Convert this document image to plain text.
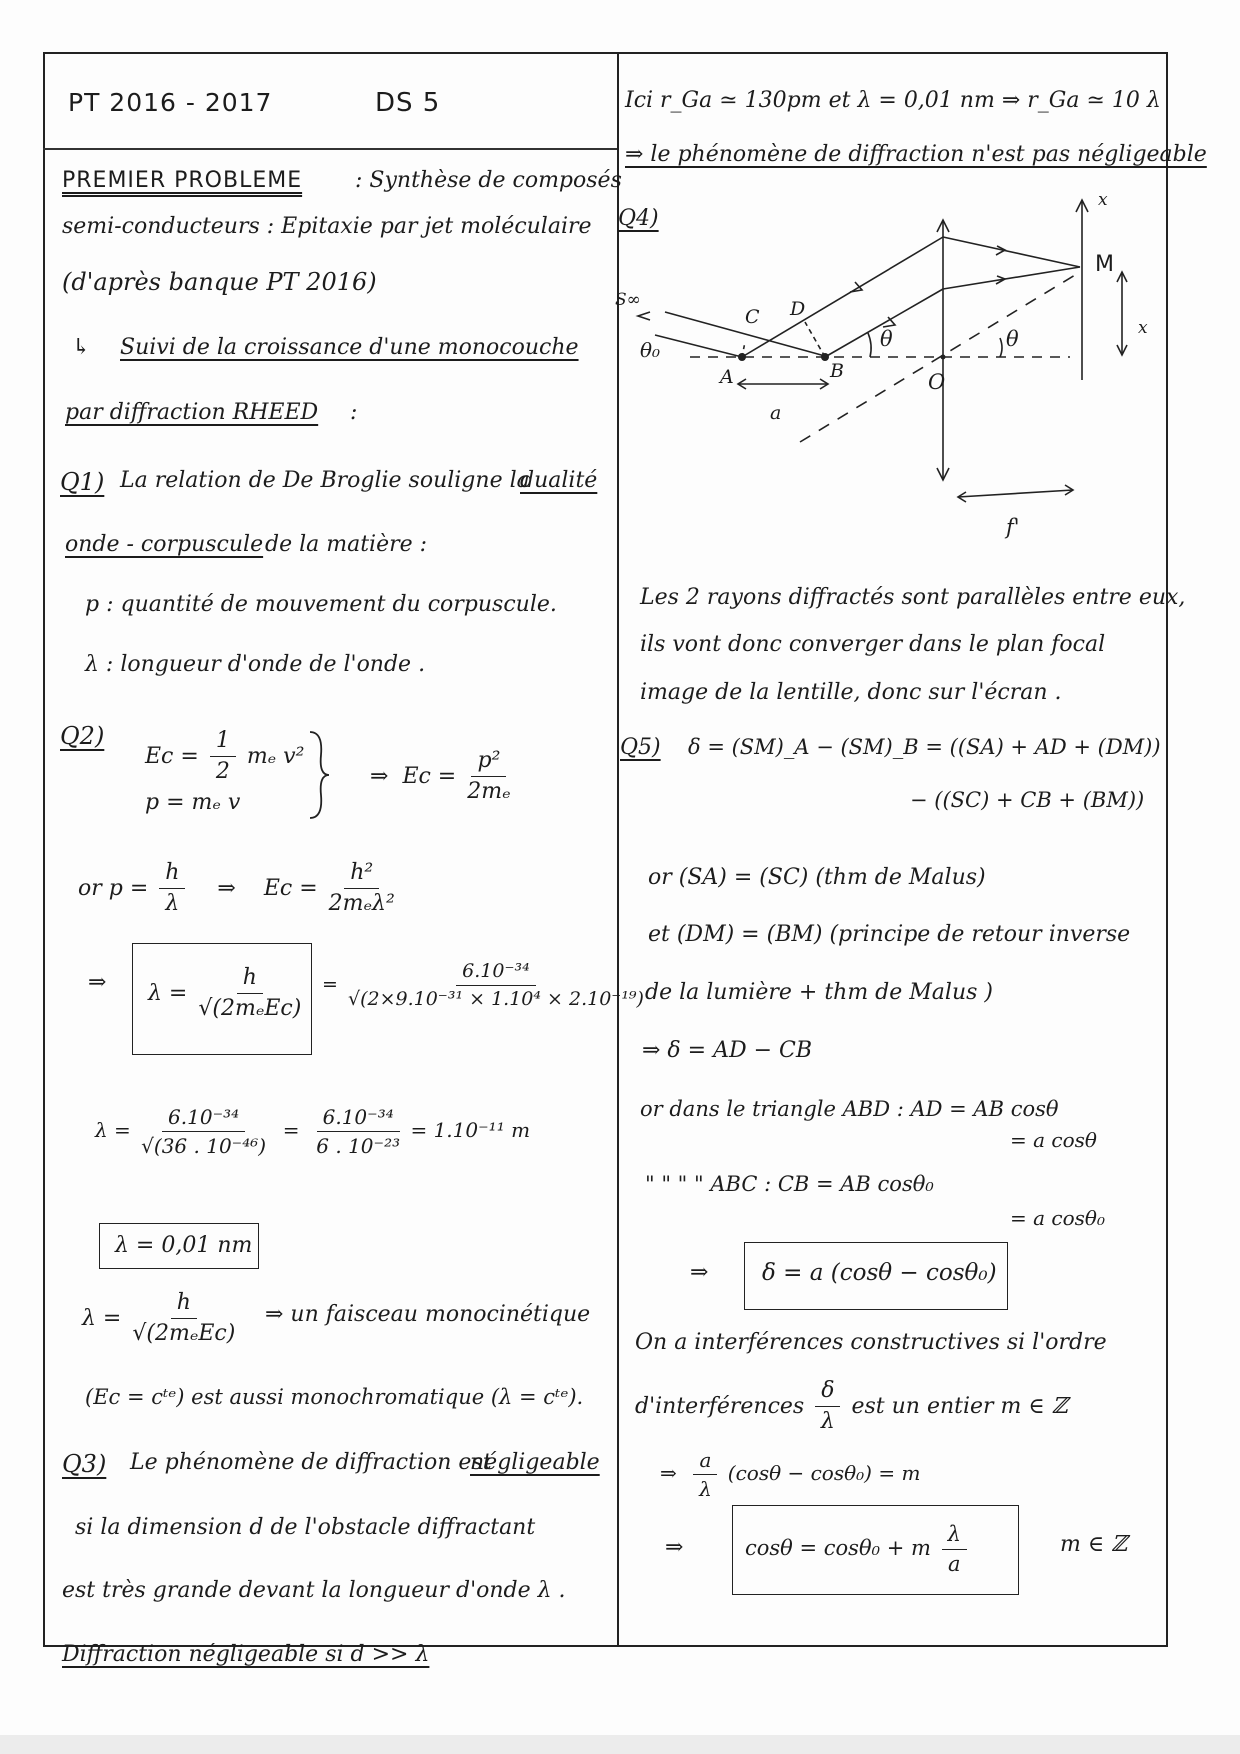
PT 2016 - 2017	DS 5
PREMIER PROBLEME : Synthèse de composés
semi-conducteurs : Epitaxie par jet moléculaire
(d'après banque PT 2016)
↳ Suivi de la croissance d'une monocouche
par diffraction RHEED :
Q1) La relation de De Broglie souligne la
dualité
onde - corpuscule de la matière :
p : quantité de mouvement du corpuscule.
λ : longueur d'onde de l'onde .
Q2)
$Ec = \frac{1}{2}$ mₑ v²
p = mₑ v
⇒ $Ec = \frac{\text{p²}}{\text{2mₑ}}$
or $p = \frac{h}{\lambda}$ ⇒ $Ec = \frac{\text{h²}}{\text{2mₑλ²}}$
⇒ $\lambda = \frac{h}{\text{√(2mₑEc)}} = \frac{\text{6.10⁻³⁴}}{\text{√(2×9.10⁻³¹ × 1.10⁴ × 2.10⁻¹⁹)}}$
$\lambda = \frac{\text{6.10⁻³⁴}}{\text{√(36 . 10⁻⁴⁶)}} = \frac{\text{6.10⁻³⁴}}{\text{6 . 10⁻²³}} = 1.10^{-11}$ m
λ = 0,01 nm
$\lambda = \frac{h}{\text{√(2mₑEc)}}$ ⇒ un faisceau monocinétique
(Ec = cᵗᵉ) est aussi monochromatique (λ = cᵗᵉ).
Q3) Le phénomène de diffraction est
négligeable
si la dimension d de l'obstacle diffractant
est très grande devant la longueur d'onde λ .
Diffraction négligeable si d >> λ
Ici r_Ga ≃ 130pm et λ = 0,01 nm ⇒ r_Ga ≃ 10 λ
⇒ le phénomène de diffraction n'est pas négligeable
Q4)
S∞
θ₀
A	B
C D
a
θ	θ
O
M
x
x
f'
Les 2 rayons diffractés sont parallèles entre eux,
ils vont donc converger dans le plan focal
image de la lentille, donc sur l'écran .
Q5) δ = (SM)_A − (SM)_B = ((SA) + AD + (DM))
− ((SC) + CB + (BM))
or (SA) = (SC) (thm de Malus)
et (DM) = (BM) (principe de retour inverse
de la lumière + thm de Malus )
⇒ δ = AD − CB
or dans le triangle ABD : AD = AB cosθ
= a cosθ
" " " " ABC : CB = AB cosθ₀
= a cosθ₀
⇒ δ = a (cosθ − cosθ₀)
On a interférences constructives si l'ordre
d'interférences $\frac{\delta}{\lambda}$ est un entier m ∈ ℤ
⇒ $\frac{a}{\lambda} (\cos\theta - \cos\theta_0) = m$
⇒	cosθ = cosθ₀ + m $\frac{\lambda}{a}$	m ∈ ℤ
